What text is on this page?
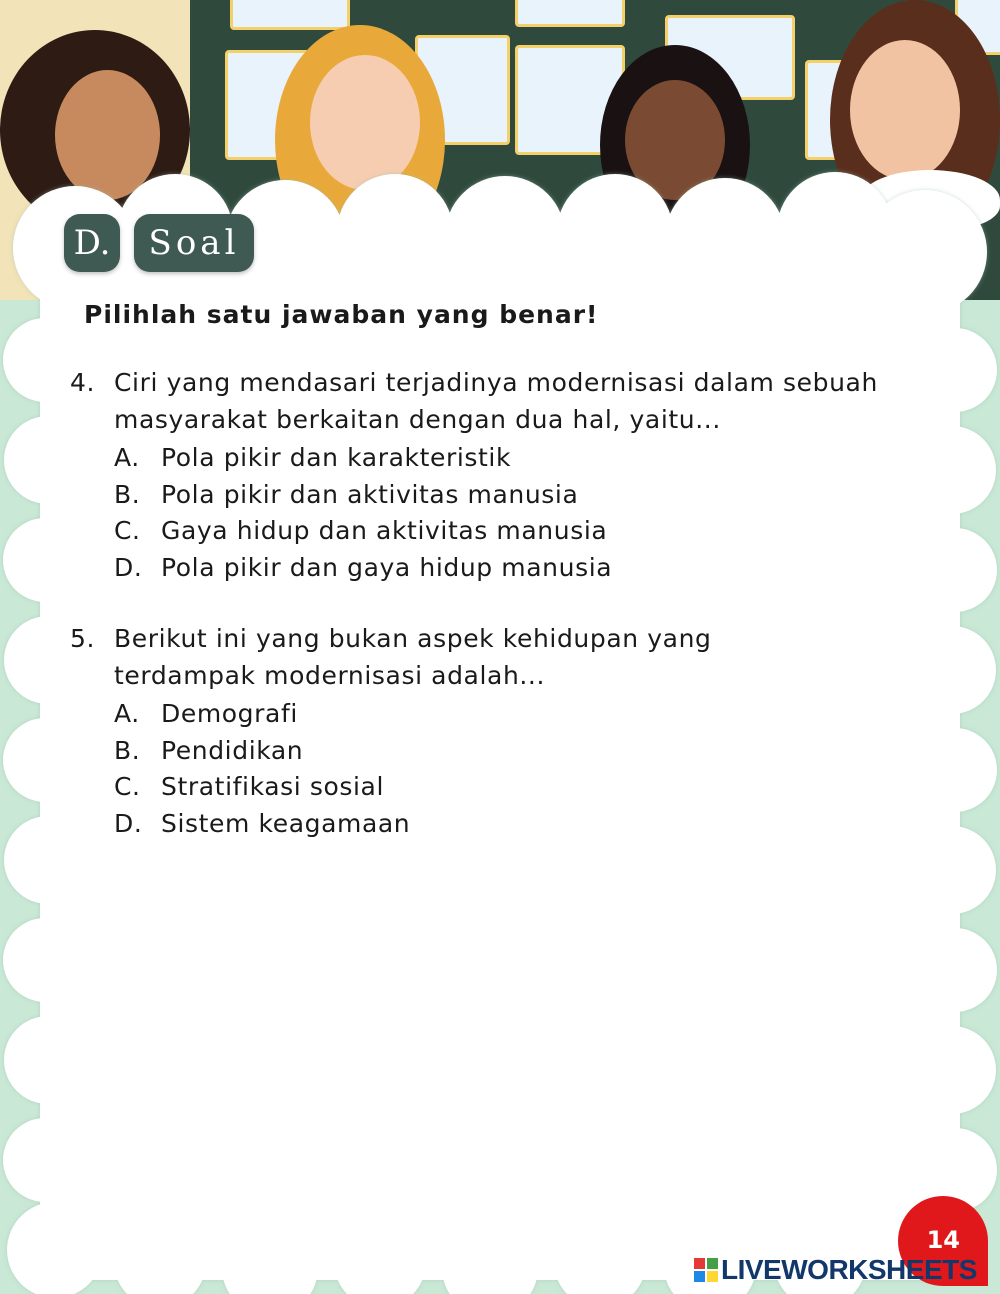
D.	Soal
Pilihlah satu jawaban yang benar!
4. Ciri yang mendasari terjadinya modernisasi dalam sebuah masyarakat berkaitan dengan dua hal, yaitu...
A. Pola pikir dan karakteristik
B. Pola pikir dan aktivitas manusia
C. Gaya hidup dan aktivitas manusia
D. Pola pikir dan gaya hidup manusia
5. Berikut ini yang bukan aspek kehidupan yang terdampak modernisasi adalah...
A. Demografi
B. Pendidikan
C. Stratifikasi sosial
D. Sistem keagamaan
14
LIVEWORKSHEETS
